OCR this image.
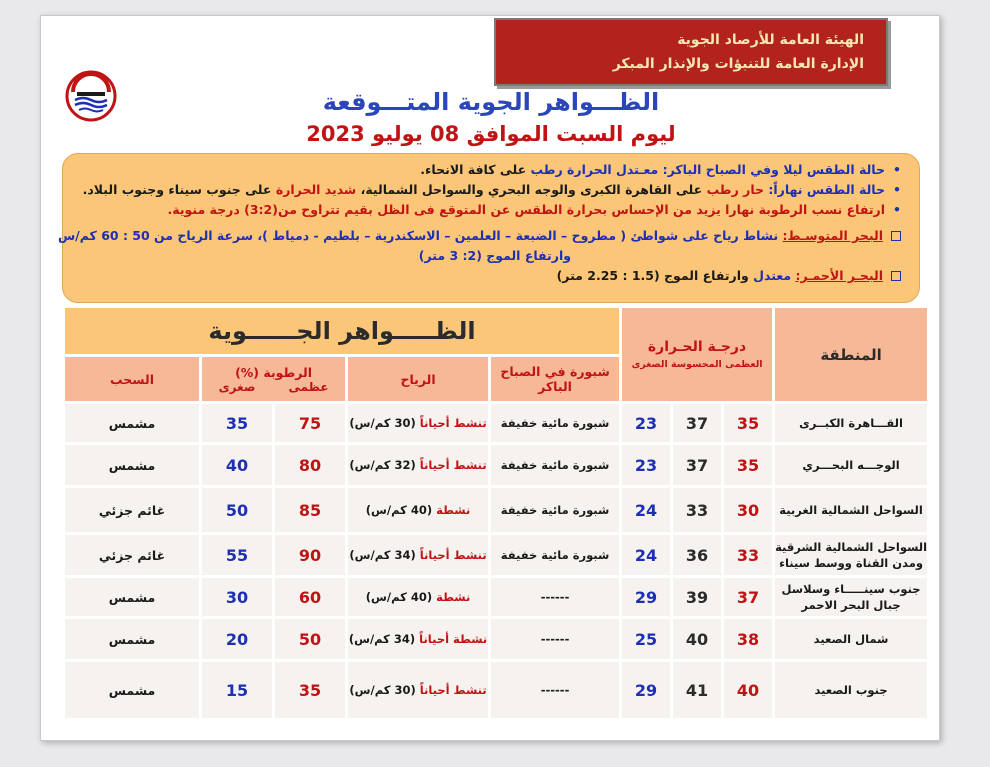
الهيئة العامة للأرصاد الجوية
الإدارة العامة للتنبؤات والإنذار المبكر
الظـــواهر الجوية المتـــوقعة
ليوم السبت الموافق 08 يوليو 2023
•حالة الطقس ليلا وفي الصباح الباكر: معـتدل الحرارة رطب على كافة الانحاء.
•حالة الطقس نهاراً: حار رطب على القاهرة الكبرى والوجه البحري والسواحل الشمالية، شديد الحرارة على جنوب سيناء وجنوب البلاد.
•ارتفاع نسب الرطوبة نهارا يزيد من الإحساس بحرارة الطقس عن المتوقع فى الظل بقيم تتراوح من(3:2) درجة منوية.
البحر المتوسـط: نشاط رياح على شواطئ ( مطروح – الضبعة – العلمين – الاسكندرية – بلطيم - دمياط )، سرعة الرياح من 50 : 60 كم/س
وارتفاع الموج (2: 3 متر)
البحـر الأحمـر: معتدل وارتفاع الموج (1.5 : 2.25 متر)
المنطقة	درجـة الحـرارة
العظمى المحسوسة الصغرى			الظـــــواهر الجــــــوية				
				شبورة في الصباح الباكر	الرياح	الرطوبة (%)
عظمى
صغرى		السحب
القـــاهرة الكبــرى	35	37	23	شبورة مائية خفيفة	تنشط أحياناً (30 كم/س)	75	35	مشمس
الوجـــه البحـــري	35	37	23	شبورة مائية خفيفة	تنشط أحياناً (32 كم/س)	80	40	مشمس
السواحل الشمالية الغربية	30	33	24	شبورة مائية خفيفة	نشطة (40 كم/س)	85	50	غائم جزئي
السواحل الشمالية الشرقية ومدن القناة ووسط سيناء	33	36	24	شبورة مائية خفيفة	تنشط أحياناً (34 كم/س)	90	55	غائم جزئي
جنوب سينـــــاء وسلاسل جبال البحر الاحمر	37	39	29	------	نشطة (40 كم/س)	60	30	مشمس
شمال الصعيد	38	40	25	------	نشطة أحياناً (34 كم/س)	50	20	مشمس
جنوب الصعيد	40	41	29	------	تنشط أحياناً (30 كم/س)	35	15	مشمس
